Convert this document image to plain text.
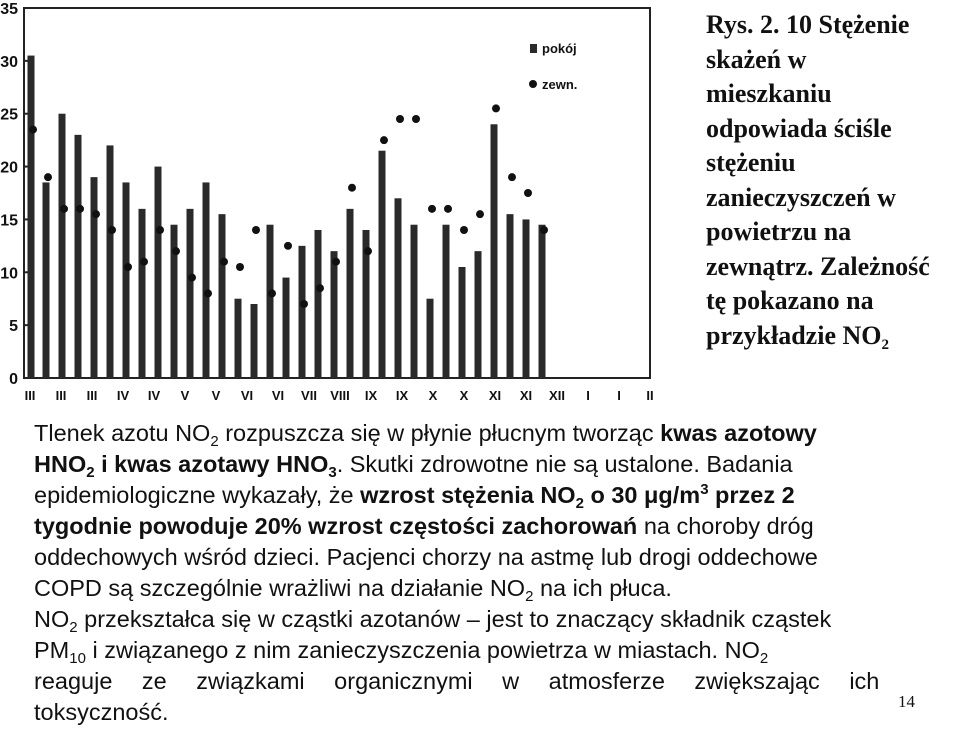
0
5
10
15
20
25
30
35
III III III IV IV V V VI VI VII VIII IX IX X X XI XI XII I I II
pokój
zewn.
Rys. 2. 10 Stężenie
skażeń w
mieszkaniu
odpowiada ściśle
stężeniu
zanieczyszczeń w
powietrzu na
zewnątrz. Zależność
tę pokazano na
przykładzie $NO_2$
Tlenek azotu $NO_2$ rozpuszcza się w płynie płucnym tworząc kwas azotowy
$HNO_2$ i kwas azotawy $HNO_3$. Skutki zdrowotne nie są ustalone. Badania
epidemiologiczne wykazały, że wzrost stężenia $NO_2$ o 30 $\mu g/m^3$ przez 2
tygodnie powoduje 20% wzrost częstości zachorowań na choroby dróg
oddechowych wśród dzieci. Pacjenci chorzy na astmę lub drogi oddechowe
COPD są szczególnie wrażliwi na działanie $NO_2$ na ich płuca.
$NO_2$ przekształca się w cząstki azotanów – jest to znaczący składnik cząstek
$PM_{10}$ i związanego z nim zanieczyszczenia powietrza w miastach. $NO_2$
reaguje ze związkami organicznymi w atmosferze zwiększając ich
toksyczność.	14
